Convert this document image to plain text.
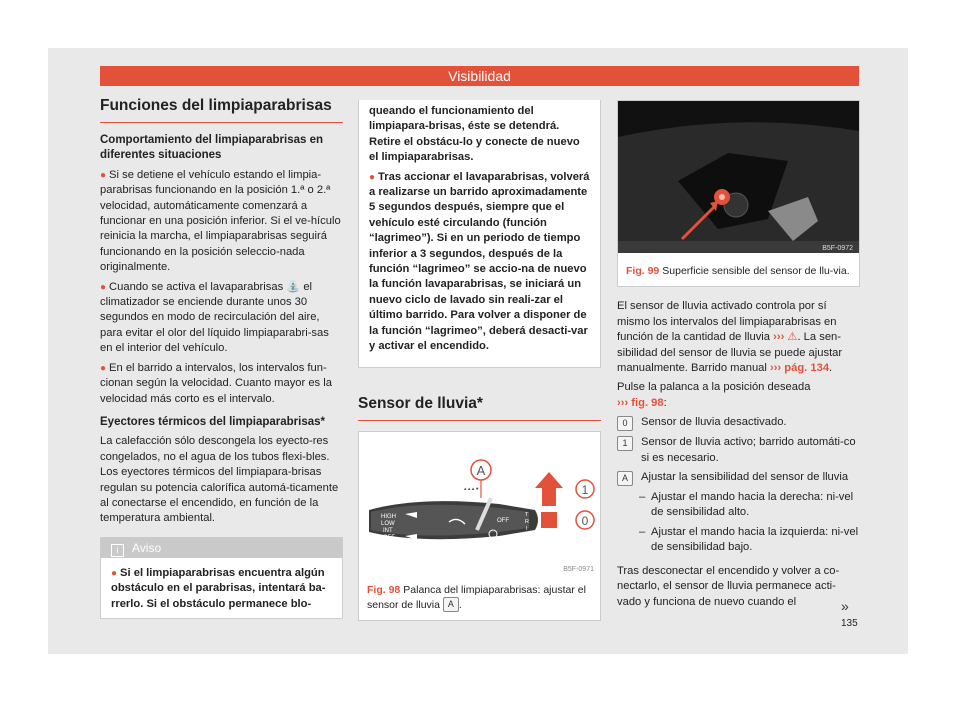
Visibilidad
Funciones del limpiaparabrisas
Comportamiento del limpiaparabrisas en diferentes situaciones
● Si se detiene el vehículo estando el limpia-parabrisas funcionando en la posición 1.ª o 2.ª velocidad, automáticamente comenzará a funcionar en una posición inferior. Si el ve-hículo reinicia la marcha, el limpiaparabrisas seguirá funcionando en la posición seleccio-nada originalmente.
● Cuando se activa el lavaparabrisas ⛲ el climatizador se enciende durante unos 30 segundos en modo de recirculación del aire, para evitar el olor del líquido limpiaparabri-sas en el interior del vehículo.
● En el barrido a intervalos, los intervalos fun-cionan según la velocidad. Cuanto mayor es la velocidad más corto es el intervalo.
Eyectores térmicos del limpiaparabrisas*

La calefacción sólo descongela los eyecto-res congelados, no el agua de los tubos flexi-bles. Los eyectores térmicos del limpiapara-brisas regulan su potencia calorífica automá-ticamente al conectarse el encendido, en función de la temperatura ambiental.

i Aviso
● Si el limpiaparabrisas encuentra algún obstáculo en el parabrisas, intentará ba-rrerlo. Si el obstáculo permanece blo-

queando el funcionamiento del limpiapara-brisas, éste se detendrá. Retire el obstácu-lo y conecte de nuevo el limpiaparabrisas.

● Tras accionar el lavaparabrisas, volverá a realizarse un barrido aproximadamente 5 segundos después, siempre que el vehículo esté circulando (función “lagrimeo”). Si en un periodo de tiempo inferior a 3 segundos, después de la función “lagrimeo” se accio-na de nuevo la función lavaparabrisas, se iniciará un nuevo ciclo de lavado sin reali-zar el último barrido. Para volver a disponer de la función “lagrimeo”, deberá desacti-var y activar el encendido.
Sensor de lluvia*
HIGH
LOW
INT
OFF
1X
OK/RESET
OFF
T
R
I
P
A
▴ ▴ ▴ ●	1
0
B5F-0971
Fig. 98 Palanca del limpiaparabrisas: ajustar el sensor de lluvia A .
B5F-0972
Fig. 99 Superficie sensible del sensor de llu-via.

El sensor de lluvia activado controla por sí mismo los intervalos del limpiaparabrisas en función de la cantidad de lluvia ››› ⚠. La sen-sibilidad del sensor de lluvia se puede ajustar manualmente. Barrido manual ››› pág. 134.

Pulse la palanca a la posición deseada
››› fig. 98:

0	Sensor de lluvia desactivado.
1	Sensor de lluvia activo; barrido automáti-co si es necesario.
A	Ajustar la sensibilidad del sensor de lluvia
– Ajustar el mando hacia la derecha: ni-vel de sensibilidad alto.
– Ajustar el mando hacia la izquierda: ni-vel de sensibilidad bajo.

Tras desconectar el encendido y volver a co-nectarlo, el sensor de lluvia permanece acti-vado y funciona de nuevo cuando el	»
135
